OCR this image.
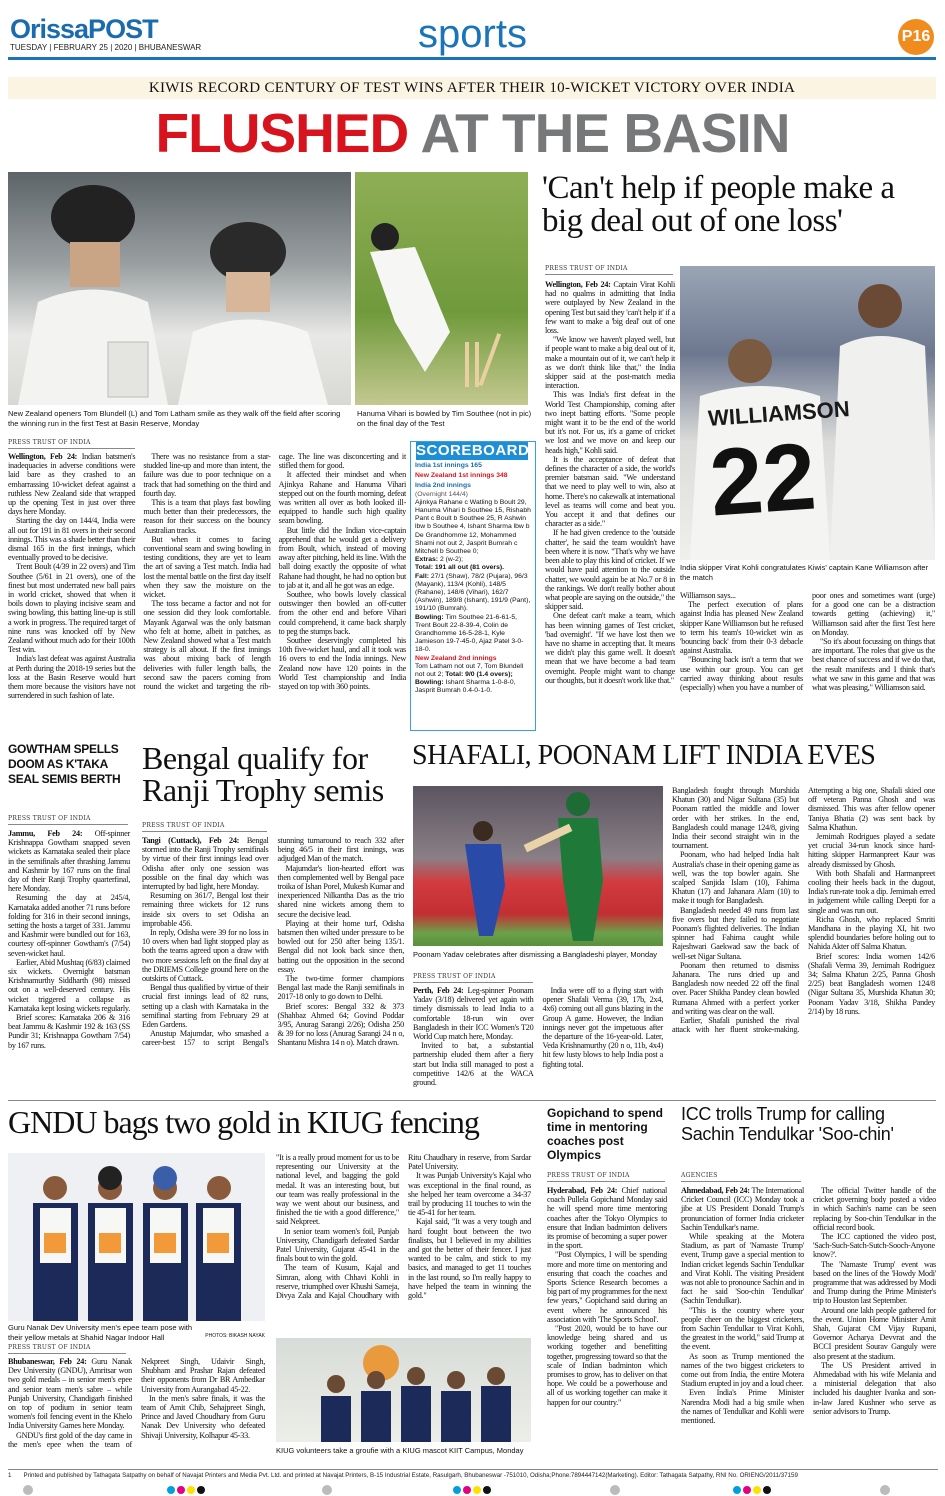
OrissaPOST
TUESDAY | FEBRUARY 25 | 2020 | BHUBANESWAR	sports	P16
KIWIS RECORD CENTURY OF TEST WINS AFTER THEIR 10-WICKET VICTORY OVER INDIA
FLUSHED AT THE BASIN
New Zealand openers Tom Blundell (L) and Tom Latham smile as they walk off the field after scoring the winning run in the first Test at Basin Reserve, Monday
Hanuma Vihari is bowled by Tim Southee (not in pic) on the final day of the Test
PRESS TRUST OF INDIA

Wellington, Feb 24: Indian batsmen's inadequacies in adverse conditions were laid bare as they crashed to an embarrassing 10-wicket defeat against a ruthless New Zealand side that wrapped up the opening Test in just over three days here Monday.

Starting the day on 144/4, India were all out for 191 in 81 overs in their second innings. This was a shade better than their dismal 165 in the first innings, which eventually proved to be decisive.

Trent Boult (4/39 in 22 overs) and Tim Southee (5/61 in 21 overs), one of the finest but most underrated new ball pairs in world cricket, showed that when it boils down to playing incisive seam and swing bowling, this batting line-up is still a work in progress. The required target of nine runs was knocked off by New Zealand without much ado for their 100th Test win.

India's last defeat was against Australia at Perth during the 2018-19 series but the loss at the Basin Reserve would hurt them more because the visitors have not surrendered in such fashion of late.

There was no resistance from a star-studded line-up and more than intent, the failure was due to poor technique on a track that had something on the third and fourth day.

This is a team that plays fast bowling much better than their predecessors, the reason for their success on the bouncy Australian tracks.

But when it comes to facing conventional seam and swing bowling in testing conditions, they are yet to learn the art of saving a Test match. India had lost the mental battle on the first day itself when they saw the moisture on the wicket.

The toss became a factor and not for one session did they look comfortable. Mayank Agarwal was the only batsman who felt at home, albeit in patches, as New Zealand showed what a Test match strategy is all about. If the first innings was about mixing back of length deliveries with fuller length balls, the second saw the pacers coming from round the wicket and targeting the rib-cage. The line was disconcerting and it stifled them for good.

It affected their mindset and when Ajinkya Rahane and Hanuma Vihari stepped out on the fourth morning, defeat was written all over as both looked ill-equipped to handle such high quality seam bowling.

But little did the Indian vice-captain apprehend that he would get a delivery from Boult, which, instead of moving away after pitching, held its line. With the ball doing exactly the opposite of what Rahane had thought, he had no option but to jab at it, and all he got was an edge.

Southee, who bowls lovely classical outswinger then bowled an off-cutter from the other end and before Vihari could comprehend, it came back sharply to peg the stumps back.

Southee deservingly completed his 10th five-wicket haul, and all it took was 16 overs to end the India innings. New Zealand now have 120 points in the World Test championship and India stayed on top with 360 points.

India 1st innings 165
New Zealand 1st innings 348
India 2nd innings
(Overnight 144/4)
Ajinkya Rahane c Watling b Boult 29, Hanuma Vihari b Southee 15, Rishabh Pant c Boult b Southee 25, R Ashwin lbw b Southee 4, Ishant Sharma lbw b De Grandhomme 12, Mohammed Shami not out 2, Jasprit Bumrah c Mitchell b Southee 0;
Extras: 2 (w-2);
Total: 191 all out (81 overs).
Fall: 27/1 (Shaw), 78/2 (Pujara), 96/3 (Mayank), 113/4 (Kohli), 148/5 (Rahane), 148/6 (Vihari), 162/7 (Ashwin), 189/8 (Ishant), 191/9 (Pant), 191/10 (Bumrah).
Bowling: Tim Southee 21-6-61-5, Trent Boult 22-8-39-4, Colin de Grandhomme 16-5-28-1, Kyle Jamieson 19-7-45-0, Ajaz Patel 3-0-18-0.
New Zealand 2nd innings
Tom Latham not out 7, Tom Blundell not out 2; Total: 9/0 (1.4 overs);
Bowling: Ishant Sharma 1-0-8-0, Jasprit Bumrah 0.4-0-1-0.
SCOREBOARD
'Can't help if people make a big deal out of one loss'
PRESS TRUST OF INDIA

Wellington, Feb 24: Captain Virat Kohli had no qualms in admitting that India were outplayed by New Zealand in the opening Test but said they 'can't help it' if a few want to make a 'big deal' out of one loss.

"We know we haven't played well, but if people want to make a big deal out of it, make a mountain out of it, we can't help it as we don't think like that," the India skipper said at the post-match media interaction.

This was India's first defeat in the World Test Championship, coming after two inept batting efforts. "Some people might want it to be the end of the world but it's not. For us, it's a game of cricket we lost and we move on and keep our heads high," Kohli said.

It is the acceptance of defeat that defines the character of a side, the world's premier batsman said. "We understand that we need to play well to win, also at home. There's no cakewalk at international level as teams will come and beat you. You accept it and that defines our character as a side."

If he had given credence to the 'outside chatter', he said the team wouldn't have been where it is now. "That's why we have been able to play this kind of cricket. If we would have paid attention to the outside chatter, we would again be at No.7 or 8 in the rankings. We don't really bother about what people are saying on the outside," the skipper said.

One defeat can't make a team, which has been winning games of Test cricket, 'bad overnight'. "If we have lost then we have no shame in accepting that. It means we didn't play this game well. It doesn't mean that we have become a bad team overnight. People might want to change our thoughts, but it doesn't work like that."

WILLIAMSON
22
India skipper Virat Kohli congratulates Kiwis' captain Kane Williamson after the match

Williamson says...

The perfect execution of plans against India has pleased New Zealand skipper Kane Williamson but he refused to term his team's 10-wicket win as 'bouncing back' from their 0-3 debacle against Australia.

"Bouncing back isn't a term that we use within our group. You can get carried away thinking about results (especially) when you have a number of poor ones and sometimes want (urge) for a good one can be a distraction towards getting (achieving) it," Williamson said after the first Test here on Monday.

"So it's about focussing on things that are important. The roles that give us the best chance of success and if we do that, the result manifests and I think that's what we saw in this game and that was what was pleasing," Williamson said.

GOWTHAM SPELLS DOOM AS K'TAKA SEAL SEMIS BERTH
PRESS TRUST OF INDIA

Jammu, Feb 24: Off-spinner Krishnappa Gowtham snapped seven wickets as Karnataka sealed their place in the semifinals after thrashing Jammu and Kashmir by 167 runs on the final day of their Ranji Trophy quarterfinal, here Monday.

Resuming the day at 245/4, Karnataka added another 71 runs before folding for 316 in their second innings, setting the hosts a target of 331. Jammu and Kashmir were bundled out for 163, courtesy off-spinner Gowtham's (7/54) seven-wicket haul.

Earlier, Abid Mushtaq (6/83) claimed six wickets. Overnight batsman Krishnamurthy Siddharth (98) missed out on a well-deserved century. His wicket triggered a collapse as Karnataka kept losing wickets regularly.

Brief scores: Karnataka 206 & 316 beat Jammu & Kashmir 192 & 163 (SS Pundir 31; Krishnappa Gowtham 7/54) by 167 runs.

Bengal qualify for Ranji Trophy semis
PRESS TRUST OF INDIA

Tangi (Cuttack), Feb 24: Bengal stormed into the Ranji Trophy semifinals by virtue of their first innings lead over Odisha after only one session was possible on the final day which was interrupted by bad light, here Monday.

Resuming on 361/7, Bengal lost their remaining three wickets for 12 runs inside six overs to set Odisha an improbable 456.

In reply, Odisha were 39 for no loss in 10 overs when bad light stopped play as both the teams agreed upon a draw with two more sessions left on the final day at the DRIEMS College ground here on the outskirts of Cuttack.

Bengal thus qualified by virtue of their crucial first innings lead of 82 runs, setting up a clash with Karnataka in the semifinal starting from February 29 at Eden Gardens.

Anustup Majumdar, who smashed a career-best 157 to script Bengal's stunning turnaround to reach 332 after being 46/5 in their first innings, was adjudged Man of the match.

Majumdar's lion-hearted effort was then complemented well by Bengal pace troika of Ishan Porel, Mukesh Kumar and inexperienced Nilkantha Das as the trio shared nine wickets among them to secure the decisive lead.

Playing at their home turf, Odisha batsmen then wilted under pressure to be bowled out for 250 after being 135/1. Bengal did not look back since then, batting out the opposition in the second essay.

The two-time former champions Bengal last made the Ranji semifinals in 2017-18 only to go down to Delhi.

Brief scores: Bengal 332 & 373 (Shahbaz Ahmed 64; Govind Poddar 3/95, Anurag Sarangi 2/26); Odisha 250 & 39 for no loss (Anurag Sarangi 24 n o, Shantanu Mishra 14 n o). Match drawn.

SHAFALI, POONAM LIFT INDIA EVES
Poonam Yadav celebrates after dismissing a Bangladeshi player, Monday
PRESS TRUST OF INDIA

Perth, Feb 24: Leg-spinner Poonam Yadav (3/18) delivered yet again with timely dismissals to lead India to a comfortable 18-run win over Bangladesh in their ICC Women's T20 World Cup match here, Monday.

Invited to bat, a substantial partnership eluded them after a fiery start but India still managed to post a competitive 142/6 at the WACA ground.

India were off to a flying start with opener Shafali Verma (39, 17b, 2x4, 4x6) coming out all guns blazing in the Group A game. However, the Indian innings never got the impetuous after the departure of the 16-year-old. Later, Veda Krishnamurthy (20 n o, 11b, 4x4) hit few lusty blows to help India post a fighting total.

Bangladesh fought through Murshida Khatun (30) and Nigar Sultana (35) but Poonam rattled the middle and lower order with her strikes. In the end, Bangladesh could manage 124/8, giving India their second straight win in the tournament.

Poonam, who had helped India halt Australia's chase in their opening game as well, was the top bowler again. She scalped Sanjida Islam (10), Fahima Khatun (17) and Jahanara Alam (10) to make it tough for Bangladesh.

Bangladesh needed 49 runs from last five overs but they failed to negotiate Poonam's flighted deliveries. The Indian spinner had Fahima caught while Rajeshwari Gaekwad saw the back of well-set Nigar Sultana.

Poonam then returned to dismiss Jahanara. The runs dried up and Bangladesh now needed 22 off the final over. Pacer Shikha Pandey clean bowled Rumana Ahmed with a perfect yorker and writing was clear on the wall.

Earlier, Shafali punished the rival attack with her fluent stroke-making. Attempting a big one, Shafali skied one off veteran Panna Ghosh and was dismissed. This was after fellow opener Taniya Bhatia (2) was sent back by Salma Khathun.

Jemimah Rodrigues played a sedate yet crucial 34-run knock since hard-hitting skipper Harmanpreet Kaur was already dismissed by Ghosh.

With both Shafali and Harmanpreet cooling their heels back in the dugout, India's run-rate took a dip. Jemimah erred in judgement while calling Deepti for a single and was run out.

Richa Ghosh, who replaced Smriti Mandhana in the playing XI, hit two splendid boundaries before holing out to Nahida Akter off Salma Khatun.

Brief scores: India women 142/6 (Shafali Verma 39, Jemimah Rodriguez 34; Salma Khatun 2/25, Panna Ghosh 2/25) beat Bangladesh women 124/8 (Nigar Sultana 35, Murshida Khatun 30; Poonam Yadav 3/18, Shikha Pandey 2/14) by 18 runs.

GNDU bags two gold in KIUG fencing
Guru Nanak Dev University men's epee team pose with their yellow metals at Shahid Nagar Indoor Hall	PHOTOS: BIKASH NAYAK
PRESS TRUST OF INDIA

Bhubaneswar, Feb 24: Guru Nanak Dev University (GNDU), Amritsar won two gold medals – in senior men's epee and senior team men's sabre – while Punjab University, Chandigarh finished on top of podium in senior team women's foil fencing event in the Khelo India University Games here Monday.

GNDU's first gold of the day came in the men's epee when the team of Nekpreet Singh, Udaivir Singh, Shubham and Prashar Rajan defeated their opponents from Dr BR Ambedkar University from Aurangabad 45-22.

In the men's sabre finals, it was the team of Amit Chib, Sehajpreet Singh, Prince and Javed Choudhary from Guru Nanak Dev University who defeated Shivaji University, Kolhapur 45-33.

"It is a really proud moment for us to be representing our University at the national level, and bagging the gold medal. It was an interesting bout, but our team was really professional in the way we went about our business, and finished the tie with a good difference," said Nekpreet.

In senior team women's foil, Punjab University, Chandigarh defeated Sardar Patel University, Gujarat 45-41 in the finals bout to win the gold.

The team of Kusum, Kajal and Simran, along with Chhavi Kohli in reserve, triumphed over Khushi Sameja, Divya Zala and Kajal Choudhary with Ritu Chaudhary in reserve, from Sardar Patel University.

It was Punjab University's Kajal who was exceptional in the final round, as she helped her team overcome a 34-37 trail by producing 11 touches to win the tie 45-41 for her team.

Kajal said, "It was a very tough and hard fought bout between the two finalists, but I believed in my abilities and got the better of their fencer. I just wanted to be calm, and stick to my basics, and managed to get 11 touches in the last round, so I'm really happy to have helped the team in winning the gold."

KIUG volunteers take a groufie with a KIUG mascot KIIT Campus, Monday
Gopichand to spend time in mentoring coaches post Olympics
PRESS TRUST OF INDIA

Hyderabad, Feb 24: Chief national coach Pullela Gopichand Monday said he will spend more time mentoring coaches after the Tokyo Olympics to ensure that Indian badminton delivers its promise of becoming a super power in the sport.

"Post Olympics, I will be spending more and more time on mentoring and ensuring that coach the coaches and Sports Science Research becomes a big part of my programmes for the next few years," Gopichand said during an event where he announced his association with 'The Sports School'.

"Post 2020, would be to have our knowledge being shared and us working together and benefitting together, progressing toward so that the scale of Indian badminton which promises to grow, has to deliver on that hope. We could be a powerhouse and all of us working together can make it happen for our country."

ICC trolls Trump for calling Sachin Tendulkar 'Soo-chin'
AGENCIES

Ahmedabad, Feb 24: The International Cricket Council (ICC) Monday took a jibe at US President Donald Trump's pronunciation of former India cricketer Sachin Tendulkar's name.

While speaking at the Motera Stadium, as part of 'Namaste Trump' event, Trump gave a special mention to Indian cricket legends Sachin Tendulkar and Virat Kohli. The visiting President was not able to pronounce Sachin and in fact he said 'Soo-chin Tendulkar' (Sachin Tendulkar).

"This is the country where your people cheer on the biggest cricketers, from Sachin Tendulkar to Virat Kohli, the greatest in the world," said Trump at the event.

As soon as Trump mentioned the names of the two biggest cricketers to come out from India, the entire Motera Stadium erupted in joy and a loud cheer.

Even India's Prime Minister Narendra Modi had a big smile when the names of Tendulkar and Kohli were mentioned.

The official Twitter handle of the cricket governing body posted a video in which Sachin's name can be seen replacing by Soo-chin Tendulkar in the official record book.

The ICC captioned the video post, 'Sach-Such-Satch-Sutch-Sooch-Anyone know?'.

The 'Namaste Trump' event was based on the lines of the 'Howdy Modi' programme that was addressed by Modi and Trump during the Prime Minister's trip to Houston last September.

Around one lakh people gathered for the event. Union Home Minister Amit Shah, Gujarat CM Vijay Rupani, Governor Acharya Devvrat and the BCCI president Sourav Ganguly were also present at the stadium.

The US President arrived in Ahmedabad with his wife Melania and a ministerial delegation that also included his daughter Ivanka and son-in-law Jared Kushner who serve as senior advisors to Trump.

1 Printed and published by Tathagata Satpathy on behalf of Navajat Printers and Media Pvt. Ltd. and printed at Navajat Printers, B-15 Industrial Estate, Rasulgarh, Bhubaneswar -751010, Odisha;Phone:7894447142(Marketing). Editor: Tathagata Satpathy, RNI No. ORIENG/2011/37159
